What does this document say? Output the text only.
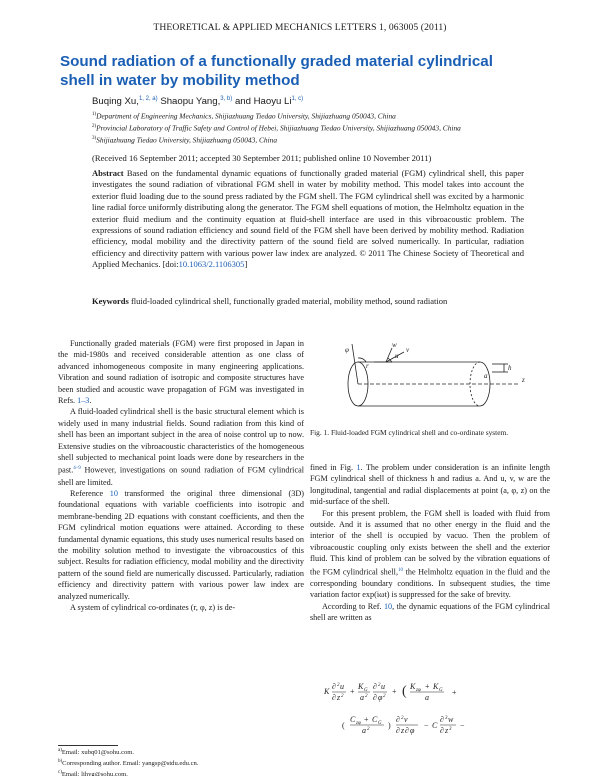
THEORETICAL & APPLIED MECHANICS LETTERS 1, 063005 (2011)
Sound radiation of a functionally graded material cylindrical shell in water by mobility method
Buqing Xu,$^{1, 2, a)}$ Shaopu Yang,$^{3, b)}$ and Haoyu Li$^{1, c)}$
$^{1)}$Department of Engineering Mechanics, Shijiazhuang Tiedao University, Shijiazhuang 050043, China
$^{2)}$Provincial Laboratory of Traffic Safety and Control of Hebei, Shijiazhuang Tiedao University, Shijiazhuang 050043, China
$^{3)}$Shijiazhuang Tiedao University, Shijiazhuang 050043, China
(Received 16 September 2011; accepted 30 September 2011; published online 10 November 2011)
Abstract Based on the fundamental dynamic equations of functionally graded material (FGM) cylindrical shell, this paper investigates the sound radiation of vibrational FGM shell in water by mobility method. This model takes into account the exterior fluid loading due to the sound press radiated by the FGM shell. The FGM cylindrical shell was excited by a harmonic line radial force uniformly distributing along the generator. The FGM shell equations of motion, the Helmholtz equation in the exterior fluid medium and the continuity equation at fluid-shell interface are used in this vibroacoustic problem. The expressions of sound radiation efficiency and sound field of the FGM shell have been derived by mobility method. Radiation efficiency, modal mobility and the directivity pattern of the sound field are solved numerically. In particular, radiation efficiency and directivity pattern with various power law index are analyzed. © 2011 The Chinese Society of Theoretical and Applied Mechanics. [doi:10.1063/2.1106305]
Keywords fluid-loaded cylindrical shell, functionally graded material, mobility method, sound radiation

Functionally graded materials (FGM) were first proposed in Japan in the mid-1980s and received considerable attention as one class of advanced inhomogeneous composite in many engineering applications. Vibration and sound radiation of isotropic and composite structures have been studied and acoustic wave propagation of FGM was investigated in Refs. 1–3.

A fluid-loaded cylindrical shell is the basic structural element which is widely used in many industrial fields. Sound radiation from this kind of shell has been an important subject in the area of noise control up to now. Extensive studies on the vibroacoustic characteristics of the homogeneous shell subjected to mechanical point loads were done by researchers in the past.$^{4-9}$ However, investigations on sound radiation of FGM cylindrical shell are limited.

Reference 10 transformed the original three dimensional (3D) foundational equations with variable coefficients into isotropic and membrane-bending 2D equations with constant coefficients, and then the FGM cylindrical motion equations were attained. According to these fundamental dynamic equations, this study uses numerical results based on the mobility solution method to investigate the vibroacoustics of this subject. Results for radiation efficiency, modal mobility and the directivity pattern of the sound field are numerically discussed. Particularly, radiation efficiency and directivity pattern with various power law index are analyzed numerically.

A system of cylindrical co-ordinates (r, φ, z) is de-

$^{a)}$Email: xubq01@sohu.com.
$^{b)}$Corresponding author. Email: yangsp@stdu.edu.cn.
$^{c)}$Email: lihyg@sohu.com.
φ
r
u
w
v
z
h
a
Fig. 1. Fluid-loaded FGM cylindrical shell and co-ordinate system.

fined in Fig. 1. The problem under consideration is an infinite length FGM cylindrical shell of thickness h and radius a. And u, v, w are the longitudinal, tangential and radial displacements at point (a, φ, z) on the mid-surface of the shell.

For this present problem, the FGM shell is loaded with fluid from outside. And it is assumed that no other energy in the fluid and the interior of the shell is occupied by vacuo. Then the problem of vibroacoustic coupling only exists between the shell and the exterior fluid. This kind of problem can be solved by the vibration equations of the FGM cylindrical shell,$^{10}$ the Helmholtz equation in the fluid and the corresponding boundary conditions. In subsequent studies, the time variation factor exp(iωt) is suppressed for the sake of brevity.

According to Ref. 10, the dynamic equations of the FGM cylindrical shell are written as

K
∂ 2 u
∂ z 2
+
K G
a 2
∂ 2 u
∂ φ 2
+ ( K zφ + K G
a
+
(
C zφ + C G
a 2 )
∂ 2 v
∂ z ∂ φ
− C
∂ 3 w
∂ z 3 −
